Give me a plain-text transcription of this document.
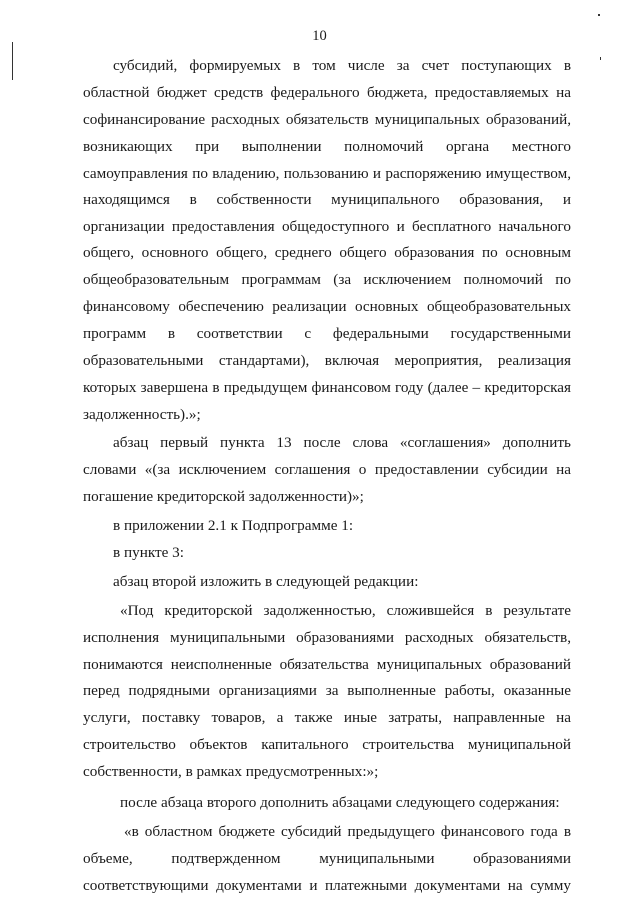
10
субсидий, формируемых в том числе за счет поступающих в
областной бюджет средств федерального бюджета, предоставляемых на
софинансирование расходных обязательств муниципальных образований,
возникающих при выполнении полномочий органа местного
самоуправления по владению, пользованию и распоряжению имуществом,
находящимся в собственности муниципального образования, и
организации предоставления общедоступного и бесплатного начального
общего, основного общего, среднего общего образования по основным
общеобразовательным программам (за исключением полномочий по
финансовому обеспечению реализации основных общеобразовательных
программ в соответствии с федеральными государственными
образовательными стандартами), включая мероприятия, реализация
которых завершена в предыдущем финансовом году (далее – кредиторская
задолженность).»;
абзац первый пункта 13 после слова «соглашения» дополнить
словами «(за исключением соглашения о предоставлении субсидии на
погашение кредиторской задолженности)»;
в приложении 2.1 к Подпрограмме 1:
в пункте 3:
абзац второй изложить в следующей редакции:
«Под кредиторской задолженностью, сложившейся в результате
исполнения муниципальными образованиями расходных обязательств,
понимаются неисполненные обязательства муниципальных образований
перед подрядными организациями за выполненные работы, оказанные
услуги, поставку товаров, а также иные затраты, направленные на
строительство объектов капитального строительства муниципальной
собственности, в рамках предусмотренных:»;
после абзаца второго дополнить абзацами следующего содержания:
«в областном бюджете субсидий предыдущего финансового года в
объеме, подтвержденном муниципальными образованиями
соответствующими документами и платежными документами на сумму
